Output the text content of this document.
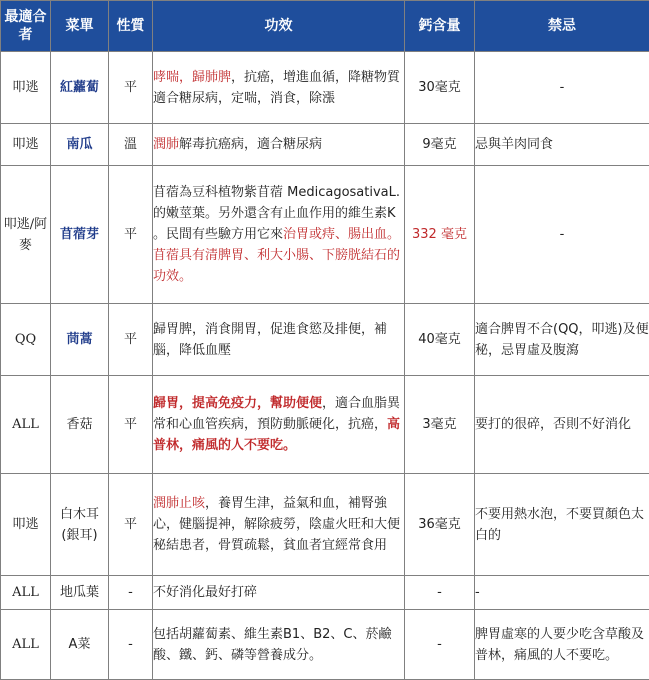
最適合者	菜單	性質	功效	鈣含量	禁忌
叩逃	紅蘿蔔	平	哮喘，歸肺脾，抗癌，增進血循，降糖物質適合糖尿病，定喘，消食，除漲	30毫克	-
叩逃	南瓜	溫	潤肺解毒抗癌病，適合糖尿病	9毫克	忌與羊肉同食
叩逃/阿麥	苜蓿芽	平	苜蓿為豆科植物紫苜蓿 MedicagosativaL. 的嫩莖葉。另外還含有止血作用的維生素K 。民間有些驗方用它來治胃或痔、腸出血。苜蓿具有清脾胃、利大小腸、下膀胱結石的功效。	332 毫克	-
QQ	茼蒿	平	歸胃脾，消食開胃，促進食慾及排便，補腦，降低血壓	40毫克	適合脾胃不合(QQ，叩逃)及便秘，忌胃虛及腹瀉
ALL	香菇	平	歸胃，提高免疫力，幫助便便，適合血脂異常和心血管疾病，預防動脈硬化，抗癌，高普林，痛風的人不要吃。	3毫克	要打的很碎，否則不好消化
叩逃	白木耳(銀耳)	平	潤肺止咳，養胃生津，益氣和血，補腎強心，健腦提神，解除疲勞，陰虛火旺和大便秘結患者，骨質疏鬆，貧血者宜經常食用	36毫克	不要用熱水泡，不要買顏色太白的
ALL	地瓜葉	-	不好消化最好打碎	-	-
ALL	A菜	-	包括胡蘿蔔素、維生素B1、B2、C、菸鹼酸、鐵、鈣、磷等營養成分。	-	脾胃虛寒的人要少吃含草酸及普林，痛風的人不要吃。
